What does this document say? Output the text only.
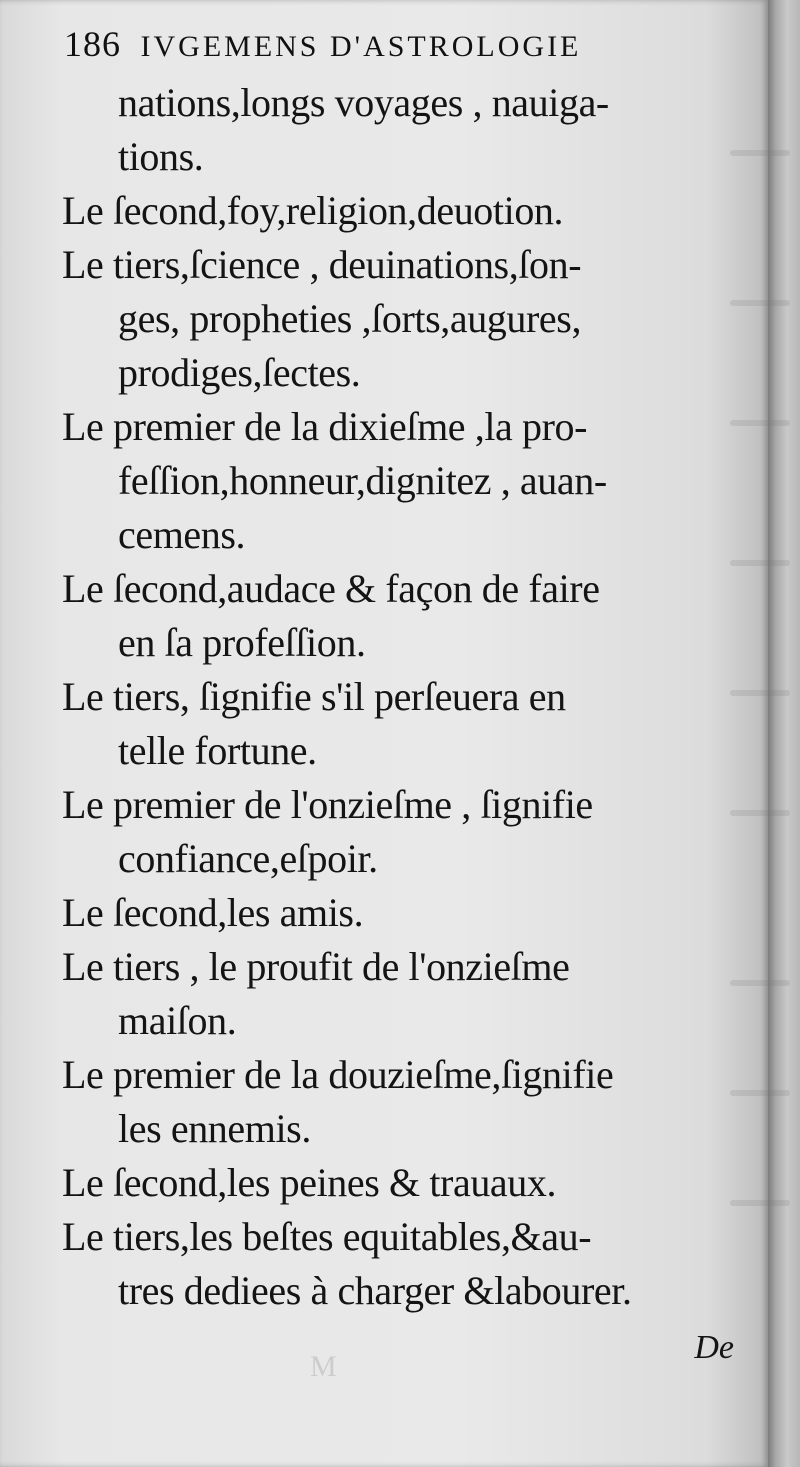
186 IVGEMENS D'ASTROLOGIE
nations,longs voyages , nauiga-
tions.
Le ſecond,foy,religion,deuotion.
Le tiers,ſcience , deuinations,ſon-
ges, propheties ,ſorts,augures,
prodiges,ſectes.
Le premier de la dixieſme ,la pro-
feſſion,honneur,dignitez , auan-
cemens.
Le ſecond,audace & façon de faire
en ſa profeſſion.
Le tiers, ſignifie s'il perſeuera en
telle fortune.
Le premier de l'onzieſme , ſignifie
confiance,eſpoir.
Le ſecond,les amis.
Le tiers , le proufit de l'onzieſme
maiſon.
Le premier de la douzieſme,ſignifie
les ennemis.
Le ſecond,les peines & trauaux.
Le tiers,les beſtes equitables,&au-
tres dediees à charger &labourer.
M
De
